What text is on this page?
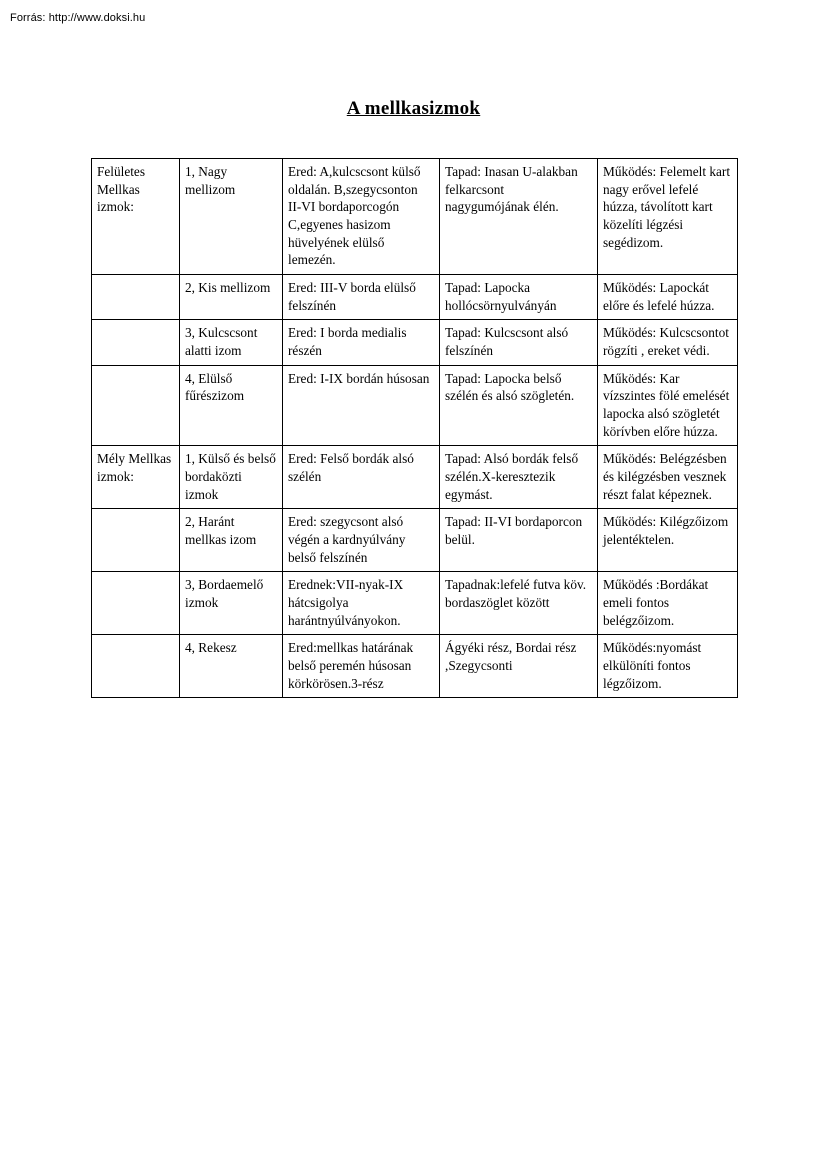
Forrás: http://www.doksi.hu
A mellkasizmok
Felületes Mellkas izmok:	1, Nagy mellizom	Ered: A,kulcscsont külső oldalán. B,szegycsonton II-VI bordaporcogón C,egyenes hasizom hüvelyének elülső lemezén.	Tapad: Inasan U-alakban felkarcsont nagygumójának élén.	Működés: Felemelt kart nagy erővel lefelé húzza, távolított kart közelíti légzési segédizom.
	2, Kis mellizom	Ered: III-V borda elülső felszínén	Tapad: Lapocka hollócsörnyulványán	Működés: Lapockát előre és lefelé húzza.
	3, Kulcscsont alatti izom	Ered: I borda medialis részén	Tapad: Kulcscsont alsó felszínén	Működés: Kulcscsontot rögzíti , ereket védi.
	4, Elülső fűrészizom	Ered: I-IX bordán húsosan	Tapad: Lapocka belső szélén és alsó szögletén.	Működés: Kar vízszintes fölé emelését lapocka alsó szögletét körívben előre húzza.
Mély Mellkas izmok:	1, Külső és belső bordaközti izmok	Ered: Felső bordák alsó szélén	Tapad: Alsó bordák felső szélén.X-keresztezik egymást.	Működés: Belégzésben és kilégzésben vesznek részt falat képeznek.
	2, Haránt mellkas izom	Ered: szegycsont alsó végén a kardnyúlvány belső felszínén	Tapad: II-VI bordaporcon belül.	Működés: Kilégzőizom jelentéktelen.
	3, Bordaemelő izmok	Erednek:VII-nyak-IX hátcsigolya harántnyúlványokon.	Tapadnak:lefelé futva köv. bordaszöglet között	Működés :Bordákat emeli fontos belégzőizom.
	4, Rekesz	Ered:mellkas határának belső peremén húsosan körkörösen.3-rész	Ágyéki rész, Bordai rész ,Szegycsonti	Működés:nyomást elkülöníti fontos légzőizom.
